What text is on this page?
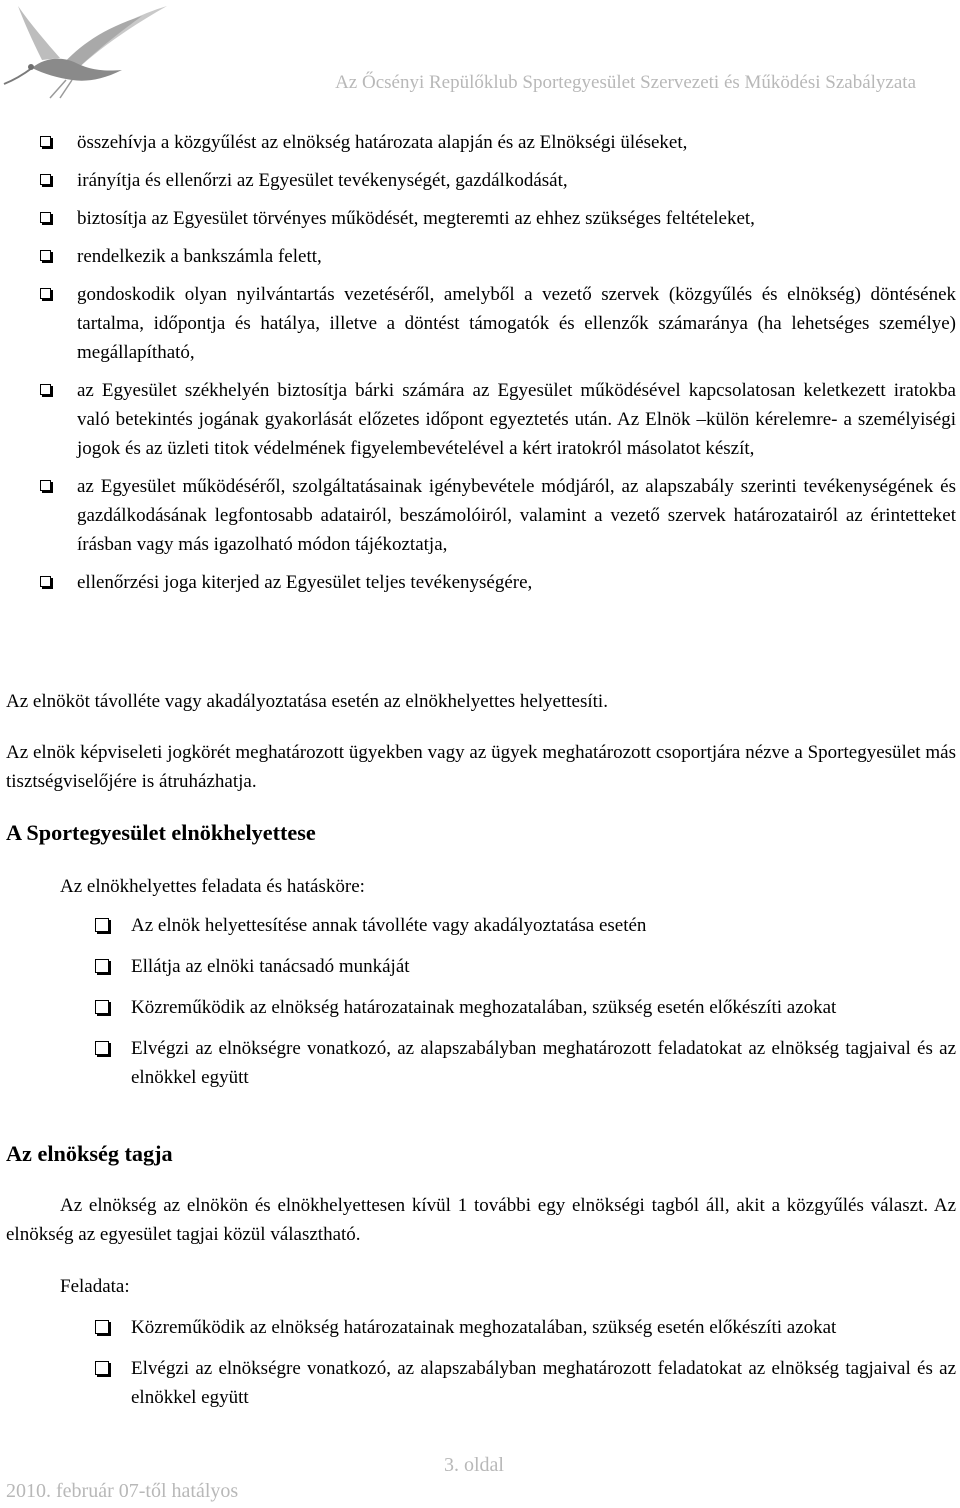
Az Őcsényi Repülőklub Sportegyesület Szervezeti és Működési Szabályzata
összehívja a közgyűlést az elnökség határozata alapján és az Elnökségi üléseket,
irányítja és ellenőrzi az Egyesület tevékenységét, gazdálkodását,
biztosítja az Egyesület törvényes működését, megteremti az ehhez szükséges feltételeket,
rendelkezik a bankszámla felett,
gondoskodik olyan nyilvántartás vezetéséről, amelyből a vezető szervek (közgyűlés és elnökség) döntésének tartalma, időpontja és hatálya, illetve a döntést támogatók és ellenzők számaránya (ha lehetséges személye) megállapítható,
az Egyesület székhelyén biztosítja bárki számára az Egyesület működésével kapcsolatosan keletkezett iratokba való betekintés jogának gyakorlását előzetes időpont egyeztetés után. Az Elnök –külön kérelemre- a személyiségi jogok és az üzleti titok védelmének figyelembevételével a kért iratokról másolatot készít,
az Egyesület működéséről, szolgáltatásainak igénybevétele módjáról, az alapszabály szerinti tevékenységének és gazdálkodásának legfontosabb adatairól, beszámolóiról, valamint a vezető szervek határozatairól az érintetteket írásban vagy más igazolható módon tájékoztatja,
ellenőrzési joga kiterjed az Egyesület teljes tevékenységére,

Az elnököt távolléte vagy akadályoztatása esetén az elnökhelyettes helyettesíti.

Az elnök képviseleti jogkörét meghatározott ügyekben vagy az ügyek meghatározott csoportjára nézve a Sportegyesület más tisztségviselőjére is átruházhatja.

A Sportegyesület elnökhelyettese

Az elnökhelyettes feladata és hatásköre:

Az elnök helyettesítése annak távolléte vagy akadályoztatása esetén
Ellátja az elnöki tanácsadó munkáját
Közreműködik az elnökség határozatainak meghozatalában, szükség esetén előkészíti azokat
Elvégzi az elnökségre vonatkozó, az alapszabályban meghatározott feladatokat az elnökség tagjaival és az elnökkel együtt
Az elnökség tagja

Az elnökség az elnökön és elnökhelyettesen kívül 1 további egy elnökségi tagból áll, akit a közgyűlés választ. Az elnökség az egyesület tagjai közül választható.

Feladata:

Közreműködik az elnökség határozatainak meghozatalában, szükség esetén előkészíti azokat
Elvégzi az elnökségre vonatkozó, az alapszabályban meghatározott feladatokat az elnökség tagjaival és az elnökkel együtt
3. oldal
2010. február 07-től hatályos
